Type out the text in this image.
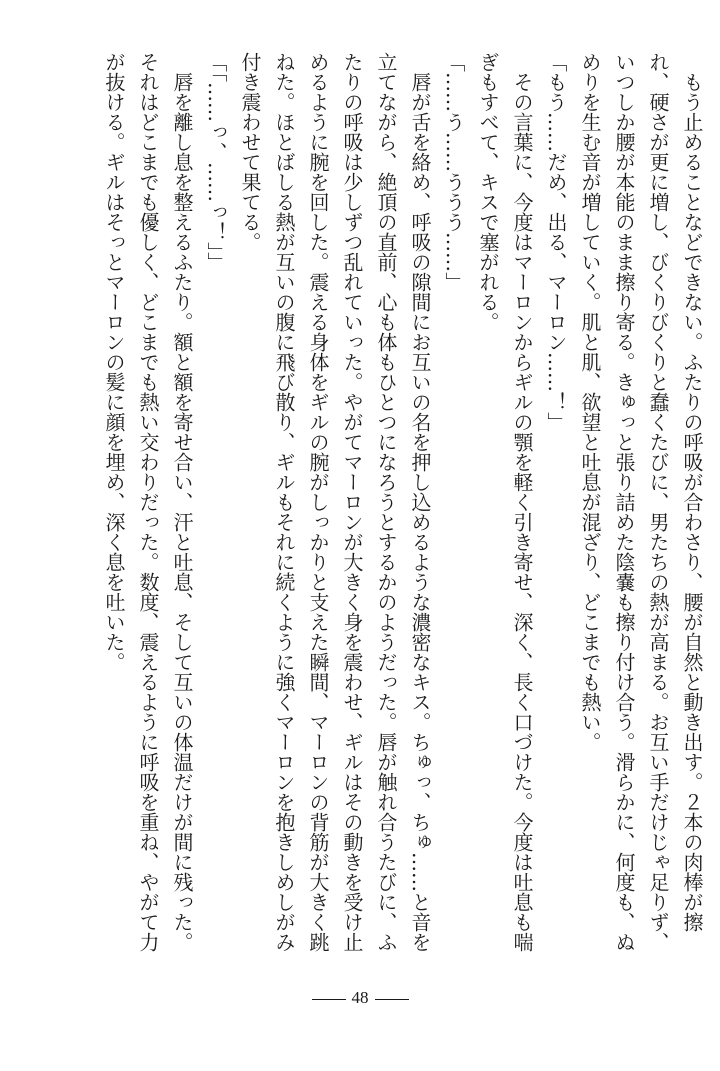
もう止めることなどできない。ふたりの呼吸が合わさり、腰が自然と動き出す。２本の肉棒が擦
れ、硬さが更に増し、びくりびくりと蠢くたびに、男たちの熱が高まる。お互い手だけじゃ足りず、
いつしか腰が本能のまま擦り寄る。きゅっと張り詰めた陰嚢も擦り付け合う。滑らかに、何度も、ぬ
めりを生む音が増していく。肌と肌、欲望と吐息が混ざり、どこまでも熱い。
「もう……だめ、出る、マーロン……！」
その言葉に、今度はマーロンからギルの顎を軽く引き寄せ、深く、長く口づけた。今度は吐息も喘
ぎもすべて、キスで塞がれる。
「……う……ううう……」
唇が舌を絡め、呼吸の隙間にお互いの名を押し込めるような濃密なキス。ちゅっ、ちゅ……と音を
立てながら、絶頂の直前、心も体もひとつになろうとするかのようだった。唇が触れ合うたびに、ふ
たりの呼吸は少しずつ乱れていった。やがてマーロンが大きく身を震わせ、ギルはその動きを受け止
めるように腕を回した。震える身体をギルの腕がしっかりと支えた瞬間、マーロンの背筋が大きく跳
ねた。ほとばしる熱が互いの腹に飛び散り、ギルもそれに続くように強くマーロンを抱きしめしがみ
付き震わせて果てる。
「「……っ、……っ！」」
唇を離し息を整えるふたり。額と額を寄せ合い、汗と吐息、そして互いの体温だけが間に残った。
それはどこまでも優しく、どこまでも熱い交わりだった。数度、震えるように呼吸を重ね、やがて力
が抜ける。ギルはそっとマーロンの髪に顔を埋め、深く息を吐いた。
48
